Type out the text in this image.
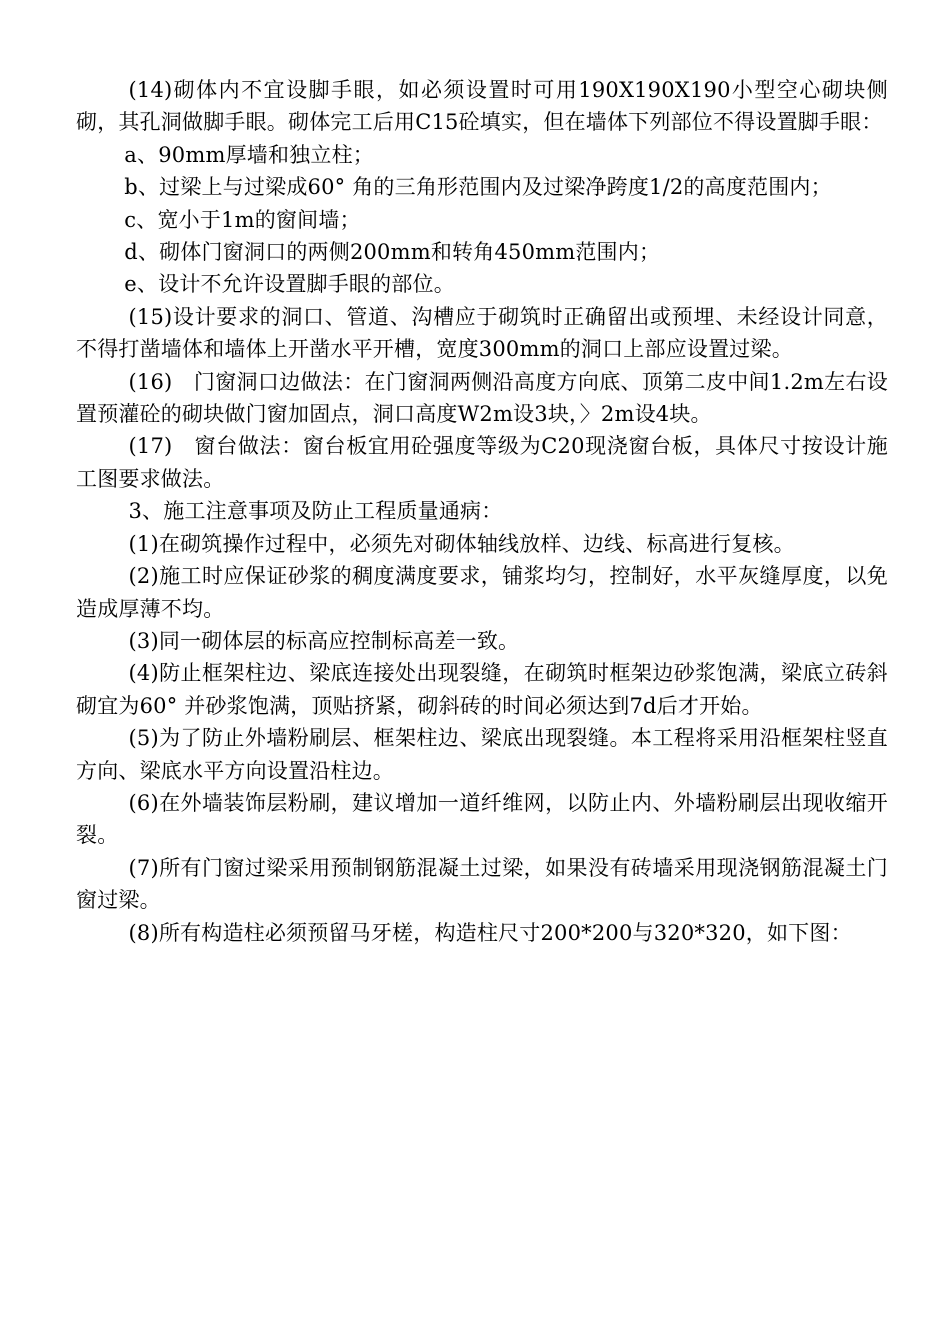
(14)砌体内不宜设脚手眼，如必须设置时可用190X190X190小型空心砌块侧砌，其孔洞做脚手眼。砌体完工后用C15砼填实，但在墙体下列部位不得设置脚手眼：

a、90mm厚墙和独立柱；

b、过梁上与过梁成60° 角的三角形范围内及过梁净跨度1/2的高度范围内；

c、宽小于1m的窗间墙；

d、砌体门窗洞口的两侧200mm和转角450mm范围内；

e、设计不允许设置脚手眼的部位。

(15)设计要求的洞口、管道、沟槽应于砌筑时正确留出或预埋、未经设计同意，不得打凿墙体和墙体上开凿水平开槽，宽度300mm的洞口上部应设置过梁。

(16)　门窗洞口边做法：在门窗洞两侧沿高度方向底、顶第二皮中间1.2m左右设置预灌砼的砌块做门窗加固点，洞口高度W2m设3块，〉2m设4块。

(17)　窗台做法：窗台板宜用砼强度等级为C20现浇窗台板，具体尺寸按设计施工图要求做法。

3、施工注意事项及防止工程质量通病：

(1)在砌筑操作过程中，必须先对砌体轴线放样、边线、标高进行复核。

(2)施工时应保证砂浆的稠度满度要求，铺浆均匀，控制好，水平灰缝厚度，以免造成厚薄不均。

(3)同一砌体层的标高应控制标高差一致。

(4)防止框架柱边、梁底连接处出现裂缝，在砌筑时框架边砂浆饱满，梁底立砖斜砌宜为60° 并砂浆饱满，顶贴挤紧，砌斜砖的时间必须达到7d后才开始。

(5)为了防止外墙粉刷层、框架柱边、梁底出现裂缝。本工程将采用沿框架柱竖直方向、梁底水平方向设置沿柱边。

(6)在外墙装饰层粉刷，建议增加一道纤维网，以防止内、外墙粉刷层出现收缩开裂。

(7)所有门窗过梁采用预制钢筋混凝土过梁，如果没有砖墙采用现浇钢筋混凝土门窗过梁。

(8)所有构造柱必须预留马牙槎，构造柱尺寸200*200与320*320，如下图：
